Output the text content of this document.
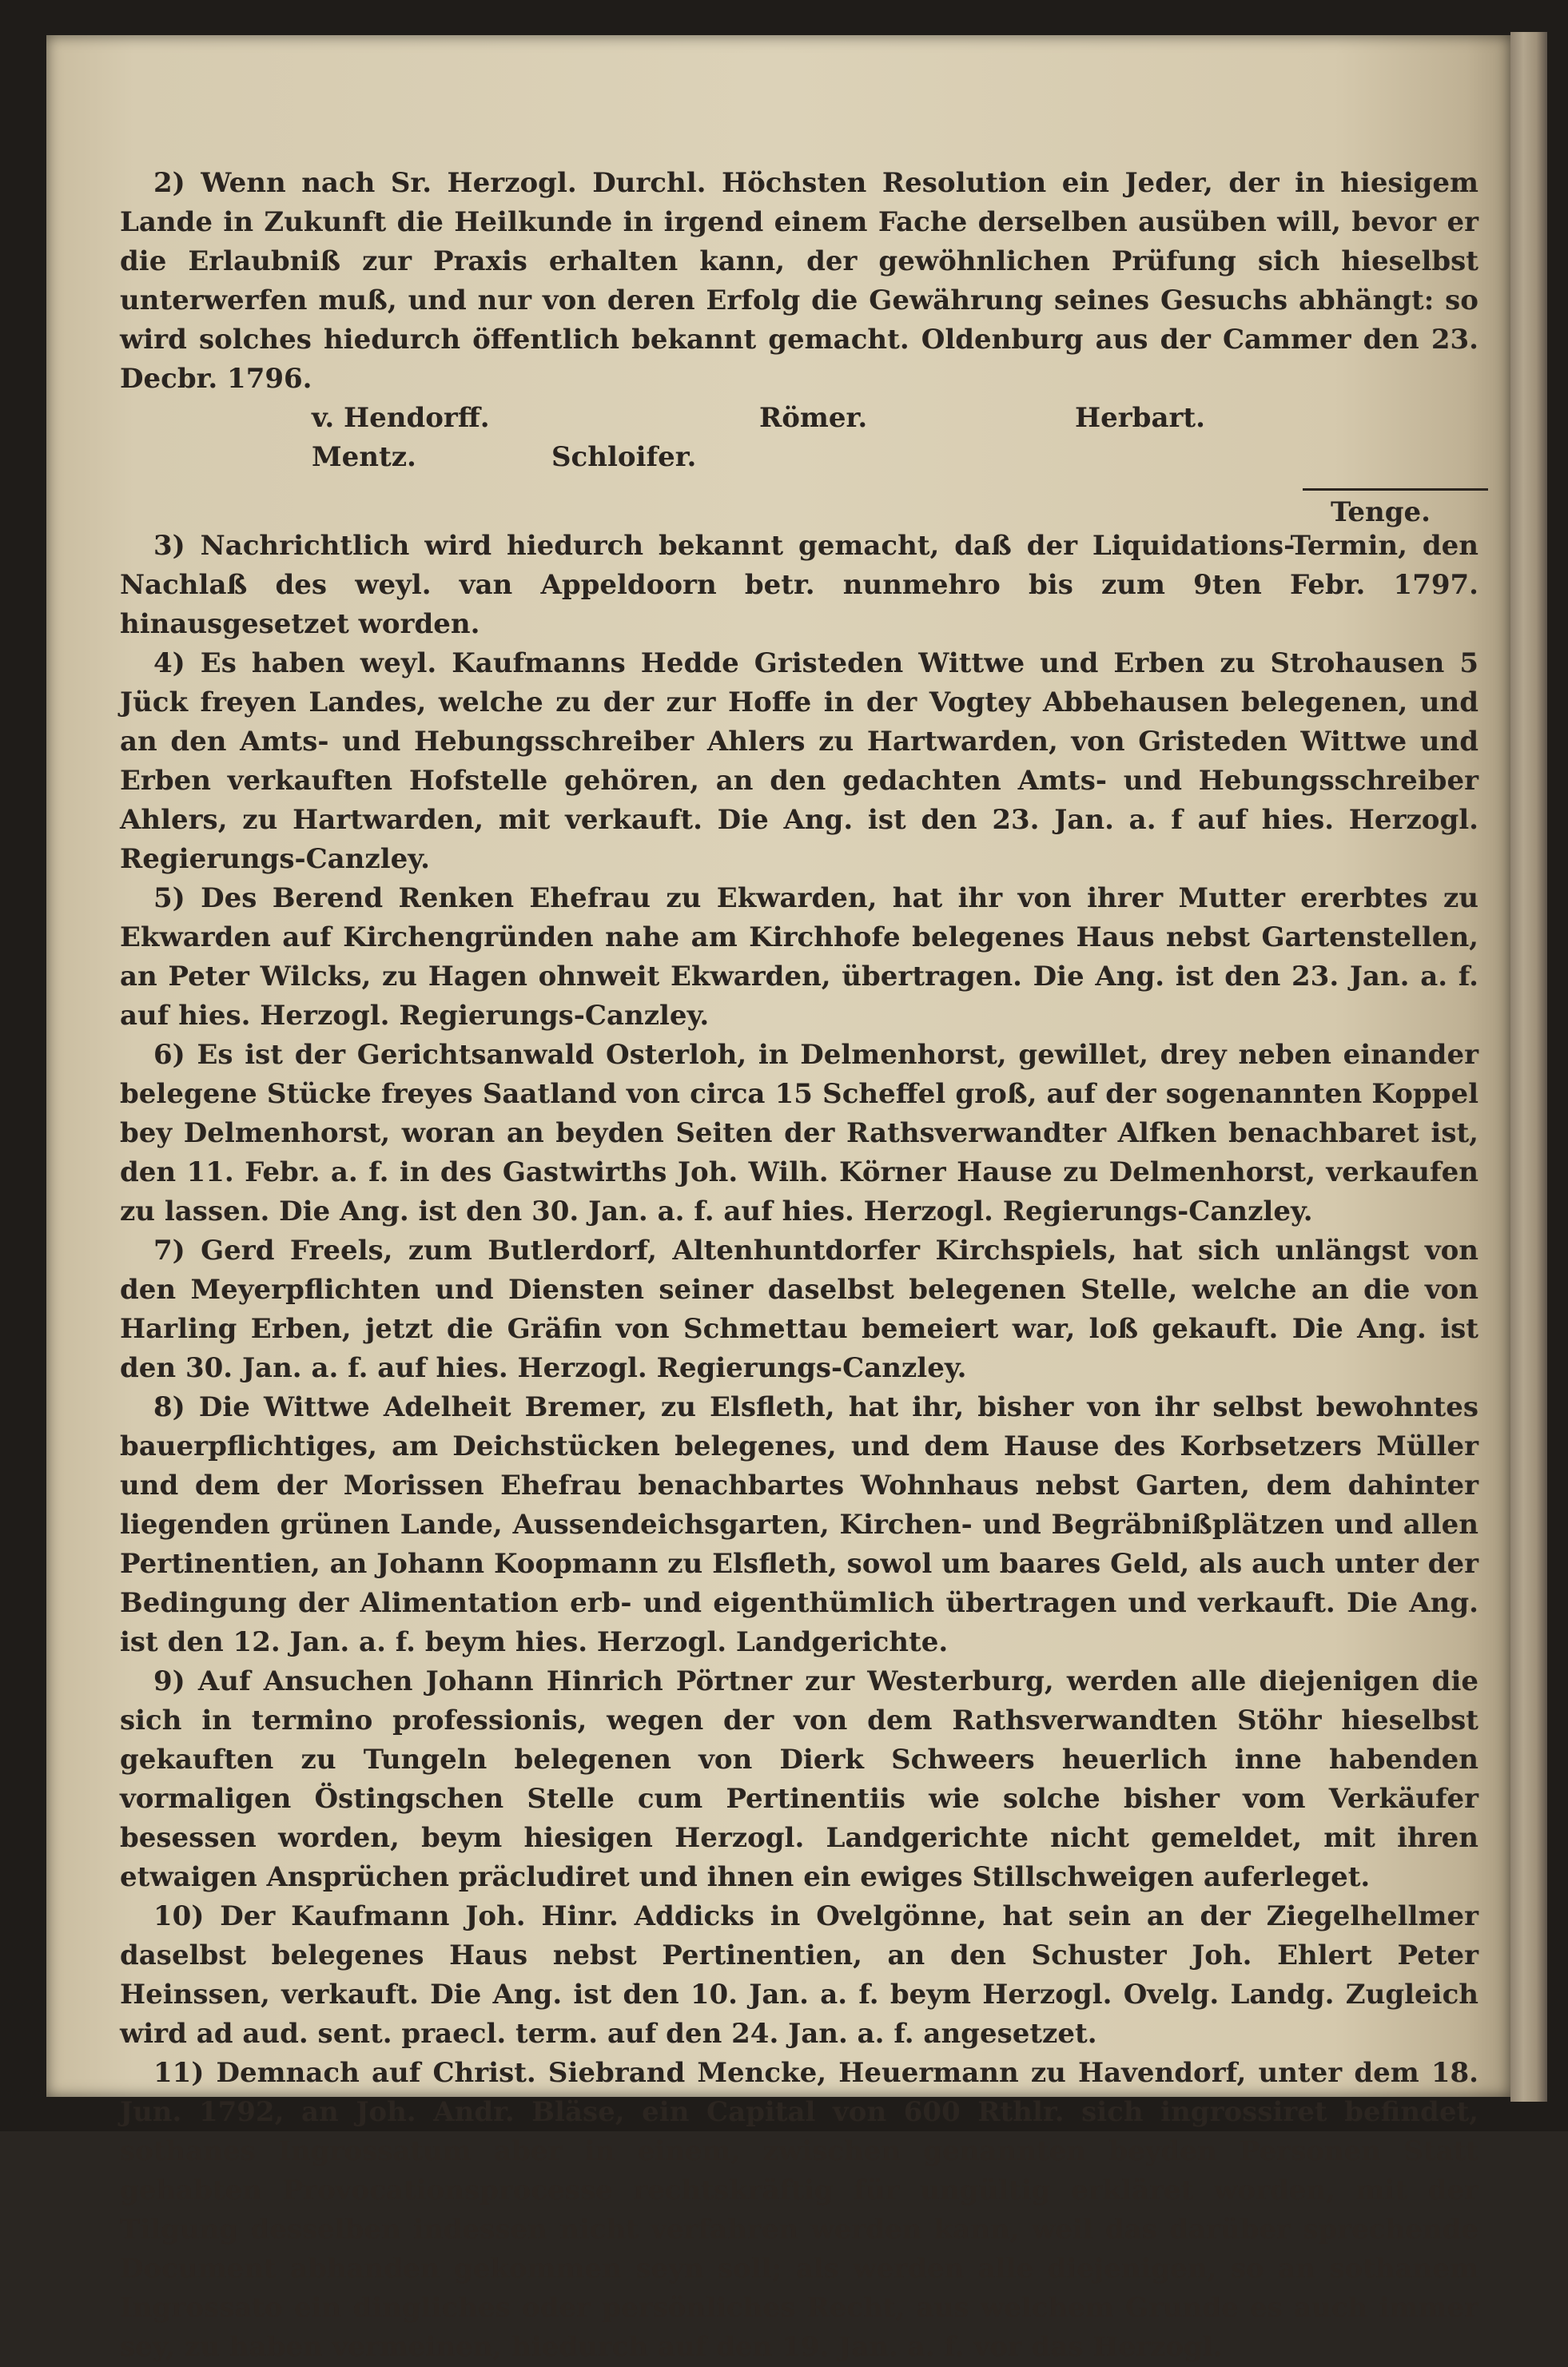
2) Wenn nach Sr. Herzogl. Durchl. Höchsten Resolution ein Jeder, der in hiesigem Lande in Zukunft die Heilkunde in irgend einem Fache derselben ausüben will, bevor er die Erlaubniß zur Praxis erhalten kann, der gewöhnlichen Prüfung sich hieselbst unterwerfen muß, und nur von deren Erfolg die Gewährung seines Gesuchs abhängt: so wird solches hiedurch öffentlich bekannt gemacht. Oldenburg aus der Cammer den 23. Decbr. 1796.

v. Hendorff.	Römer.	Herbart.
Mentz.	Schloifer.
Tenge.

3) Nachrichtlich wird hiedurch bekannt gemacht, daß der Liquidations-Termin, den Nachlaß des weyl. van Appeldoorn betr. nunmehro bis zum 9ten Febr. 1797. hinausgesetzet worden.

4) Es haben weyl. Kaufmanns Hedde Gristeden Wittwe und Erben zu Strohausen 5 Jück freyen Landes, welche zu der zur Hoffe in der Vogtey Abbehausen belegenen, und an den Amts- und Hebungsschreiber Ahlers zu Hartwarden, von Gristeden Wittwe und Erben verkauften Hofstelle gehören, an den gedachten Amts- und Hebungsschreiber Ahlers, zu Hartwarden, mit verkauft. Die Ang. ist den 23. Jan. a. f auf hies. Herzogl. Regierungs-Canzley.

5) Des Berend Renken Ehefrau zu Ekwarden, hat ihr von ihrer Mutter ererbtes zu Ekwarden auf Kirchengründen nahe am Kirchhofe belegenes Haus nebst Gartenstellen, an Peter Wilcks, zu Hagen ohnweit Ekwarden, übertragen. Die Ang. ist den 23. Jan. a. f. auf hies. Herzogl. Regierungs-Canzley.

6) Es ist der Gerichtsanwald Osterloh, in Delmenhorst, gewillet, drey neben einander belegene Stücke freyes Saatland von circa 15 Scheffel groß, auf der sogenannten Koppel bey Delmenhorst, woran an beyden Seiten der Rathsverwandter Alfken benachbaret ist, den 11. Febr. a. f. in des Gastwirths Joh. Wilh. Körner Hause zu Delmenhorst, verkaufen zu lassen. Die Ang. ist den 30. Jan. a. f. auf hies. Herzogl. Regierungs-Canzley.

7) Gerd Freels, zum Butlerdorf, Altenhuntdorfer Kirchspiels, hat sich unlängst von den Meyerpflichten und Diensten seiner daselbst belegenen Stelle, welche an die von Harling Erben, jetzt die Gräfin von Schmettau bemeiert war, loß gekauft. Die Ang. ist den 30. Jan. a. f. auf hies. Herzogl. Regierungs-Canzley.

8) Die Wittwe Adelheit Bremer, zu Elsfleth, hat ihr, bisher von ihr selbst bewohntes bauerpflichtiges, am Deichstücken belegenes, und dem Hause des Korbsetzers Müller und dem der Morissen Ehefrau benachbartes Wohnhaus nebst Garten, dem dahinter liegenden grünen Lande, Aussendeichsgarten, Kirchen- und Begräbnißplätzen und allen Pertinentien, an Johann Koopmann zu Elsfleth, sowol um baares Geld, als auch unter der Bedingung der Alimentation erb- und eigenthümlich übertragen und verkauft. Die Ang. ist den 12. Jan. a. f. beym hies. Herzogl. Landgerichte.

9) Auf Ansuchen Johann Hinrich Pörtner zur Westerburg, werden alle diejenigen die sich in termino professionis, wegen der von dem Rathsverwandten Stöhr hieselbst gekauften zu Tungeln belegenen von Dierk Schweers heuerlich inne habenden vormaligen Östingschen Stelle cum Pertinentiis wie solche bisher vom Verkäufer besessen worden, beym hiesigen Herzogl. Landgerichte nicht gemeldet, mit ihren etwaigen Ansprüchen präcludiret und ihnen ein ewiges Stillschweigen auferleget.

10) Der Kaufmann Joh. Hinr. Addicks in Ovelgönne, hat sein an der Ziegelhellmer daselbst belegenes Haus nebst Pertinentien, an den Schuster Joh. Ehlert Peter Heinssen, verkauft. Die Ang. ist den 10. Jan. a. f. beym Herzogl. Ovelg. Landg. Zugleich wird ad aud. sent. praecl. term. auf den 24. Jan. a. f. angesetzet.

11) Demnach auf Christ. Siebrand Mencke, Heuermann zu Havendorf, unter dem 18. Jun. 1792, an Joh. Andr. Bläse, ein Capital von 600 Rthlr. sich ingrossiret befindet, sothanes Ingrossatum aber in einem, zwischen genannten beyden Personen Statt gehabten Provocationsprocesse rechtskräftig für ungültig erkläret worden, mit der Tilgung desselben indessen nicht verfahren werden kann, weil das darüber sprechende Document abhanden gekommen seyn soll; als werden alle diejenigen, so an sothanem Ingrossato ein dingliches oder persönliches Recht, aus welchem Grunde es auch immer sey, zu haben vermeinen, hiedurch auf den 19. Jan. a. f. vor das Herzogl.
